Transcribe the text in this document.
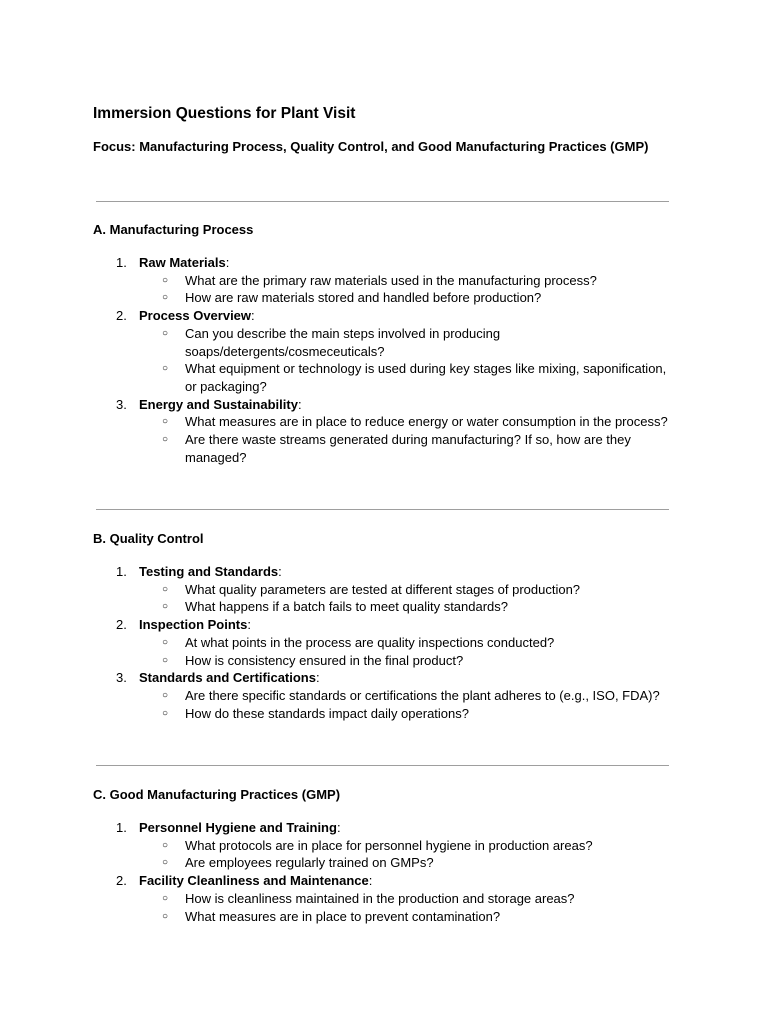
Immersion Questions for Plant Visit

Focus: Manufacturing Process, Quality Control, and Good Manufacturing Practices (GMP)

A. Manufacturing Process
1. Raw Materials:
○ What are the primary raw materials used in the manufacturing process?
○ How are raw materials stored and handled before production?
2. Process Overview:
○ Can you describe the main steps involved in producing soaps/detergents/cosmeceuticals?
○ What equipment or technology is used during key stages like mixing, saponification, or packaging?
3. Energy and Sustainability:
○ What measures are in place to reduce energy or water consumption in the process?
○ Are there waste streams generated during manufacturing? If so, how are they managed?
B. Quality Control
1. Testing and Standards:
○ What quality parameters are tested at different stages of production?
○ What happens if a batch fails to meet quality standards?
2. Inspection Points:
○ At what points in the process are quality inspections conducted?
○ How is consistency ensured in the final product?
3. Standards and Certifications:
○ Are there specific standards or certifications the plant adheres to (e.g., ISO, FDA)?
○ How do these standards impact daily operations?
C. Good Manufacturing Practices (GMP)
1. Personnel Hygiene and Training:
○ What protocols are in place for personnel hygiene in production areas?
○ Are employees regularly trained on GMPs?
2. Facility Cleanliness and Maintenance:
○ How is cleanliness maintained in the production and storage areas?
○ What measures are in place to prevent contamination?
